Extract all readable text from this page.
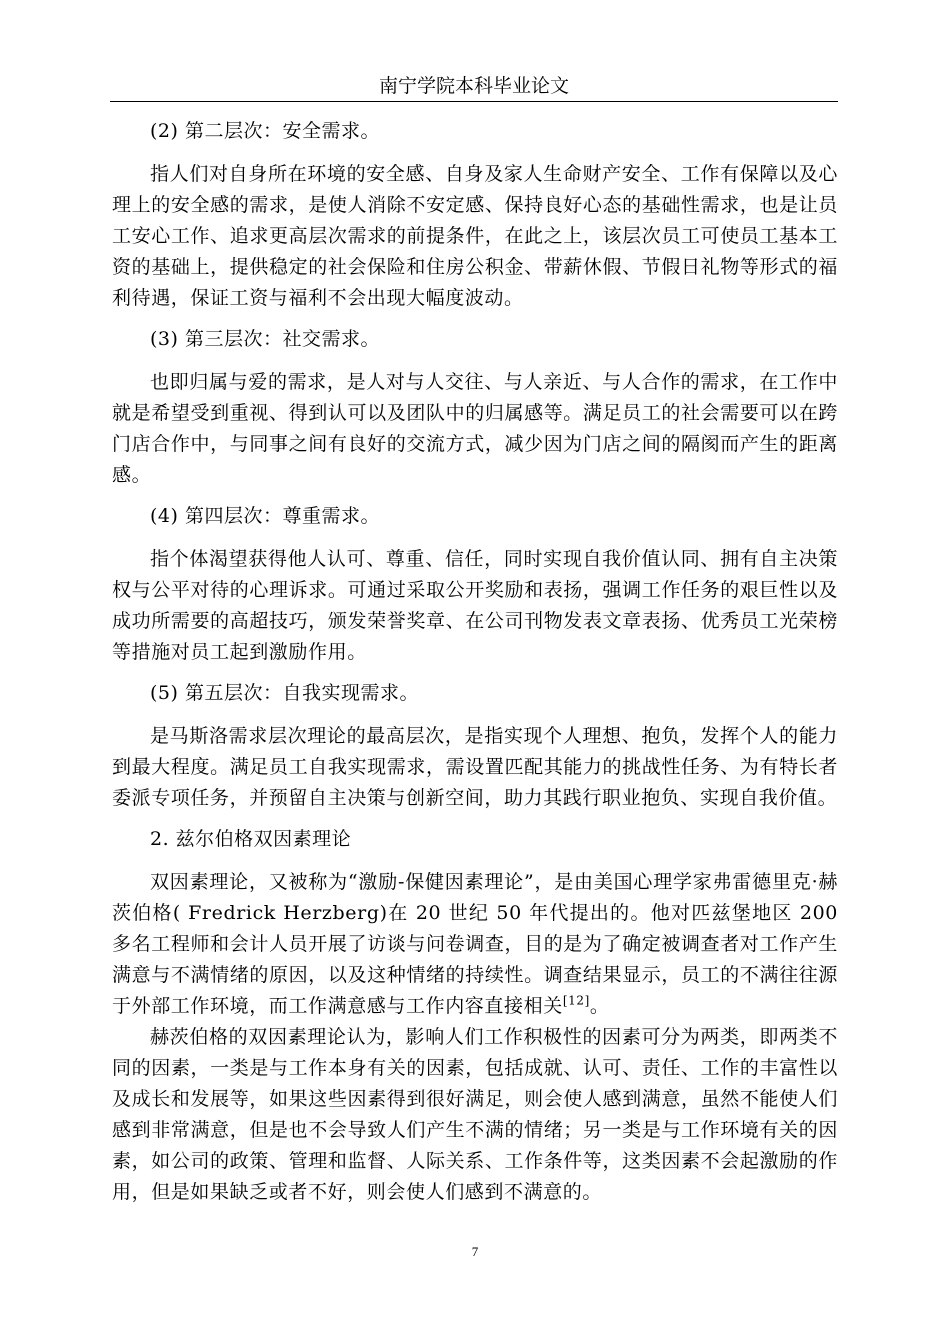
南宁学院本科毕业论文

(2) 第二层次：安全需求。

指人们对自身所在环境的安全感、自身及家人生命财产安全、工作有保障以及心理上的安全感的需求，是使人消除不安定感、保持良好心态的基础性需求，也是让员工安心工作、追求更高层次需求的前提条件，在此之上，该层次员工可使员工基本工资的基础上，提供稳定的社会保险和住房公积金、带薪休假、节假日礼物等形式的福利待遇，保证工资与福利不会出现大幅度波动。

(3) 第三层次：社交需求。

也即归属与爱的需求，是人对与人交往、与人亲近、与人合作的需求，在工作中就是希望受到重视、得到认可以及团队中的归属感等。满足员工的社会需要可以在跨门店合作中，与同事之间有良好的交流方式，减少因为门店之间的隔阂而产生的距离感。

(4) 第四层次：尊重需求。

指个体渴望获得他人认可、尊重、信任，同时实现自我价值认同、拥有自主决策权与公平对待的心理诉求。可通过采取公开奖励和表扬，强调工作任务的艰巨性以及成功所需要的高超技巧，颁发荣誉奖章、在公司刊物发表文章表扬、优秀员工光荣榜等措施对员工起到激励作用。

(5) 第五层次：自我实现需求。

是马斯洛需求层次理论的最高层次，是指实现个人理想、抱负，发挥个人的能力到最大程度。满足员工自我实现需求，需设置匹配其能力的挑战性任务、为有特长者委派专项任务，并预留自主决策与创新空间，助力其践行职业抱负、实现自我价值。

2. 兹尔伯格双因素理论

双因素理论，又被称为“激励-保健因素理论”，是由美国心理学家弗雷德里克·赫茨伯格( Fredrick Herzberg)在 20 世纪 50 年代提出的。他对匹兹堡地区 200 多名工程师和会计人员开展了访谈与问卷调查，目的是为了确定被调查者对工作产生满意与不满情绪的原因，以及这种情绪的持续性。调查结果显示，员工的不满往往源于外部工作环境，而工作满意感与工作内容直接相关[12]。

赫茨伯格的双因素理论认为，影响人们工作积极性的因素可分为两类，即两类不同的因素，一类是与工作本身有关的因素，包括成就、认可、责任、工作的丰富性以及成长和发展等，如果这些因素得到很好满足，则会使人感到满意，虽然不能使人们感到非常满意，但是也不会导致人们产生不满的情绪；另一类是与工作环境有关的因素，如公司的政策、管理和监督、人际关系、工作条件等，这类因素不会起激励的作用，但是如果缺乏或者不好，则会使人们感到不满意的。

7
